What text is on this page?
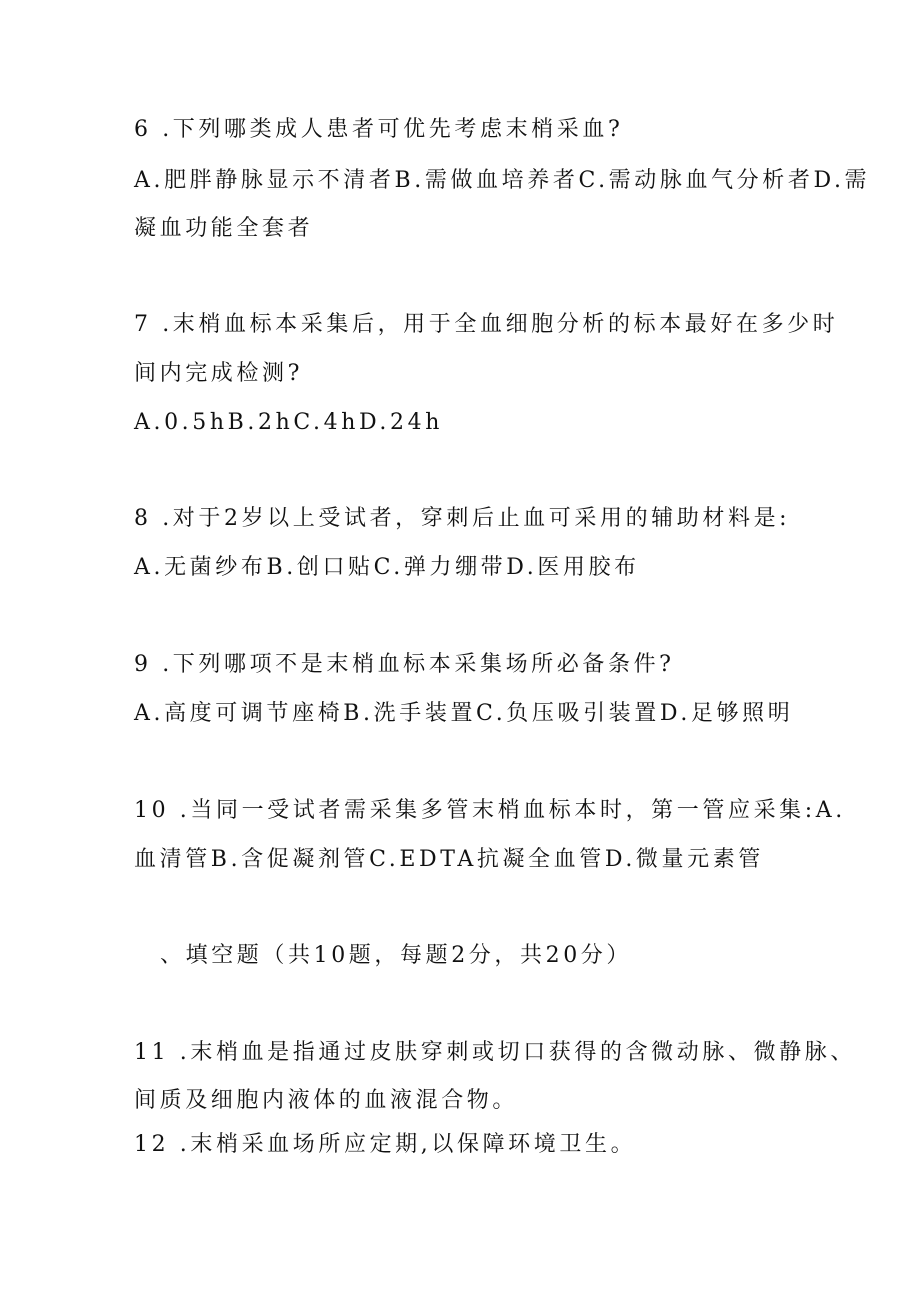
6 .下列哪类成人患者可优先考虑末梢采血?
A.肥胖静脉显示不清者B.需做血培养者C.需动脉血气分析者D.需
凝血功能全套者
7 .末梢血标本采集后，用于全血细胞分析的标本最好在多少时
间内完成检测?
A.0.5hB.2hC.4hD.24h
8 .对于2岁以上受试者，穿刺后止血可采用的辅助材料是:
A.无菌纱布B.创口贴C.弹力绷带D.医用胶布
9 .下列哪项不是末梢血标本采集场所必备条件?
A.高度可调节座椅B.洗手装置C.负压吸引装置D.足够照明
10 .当同一受试者需采集多管末梢血标本时，第一管应采集:A.
血清管B.含促凝剂管C.EDTA抗凝全血管D.微量元素管
、填空题（共10题，每题2分，共20分）
11 .末梢血是指通过皮肤穿刺或切口获得的含微动脉、微静脉、
间质及细胞内液体的血液混合物。
12 .末梢采血场所应定期,以保障环境卫生。
